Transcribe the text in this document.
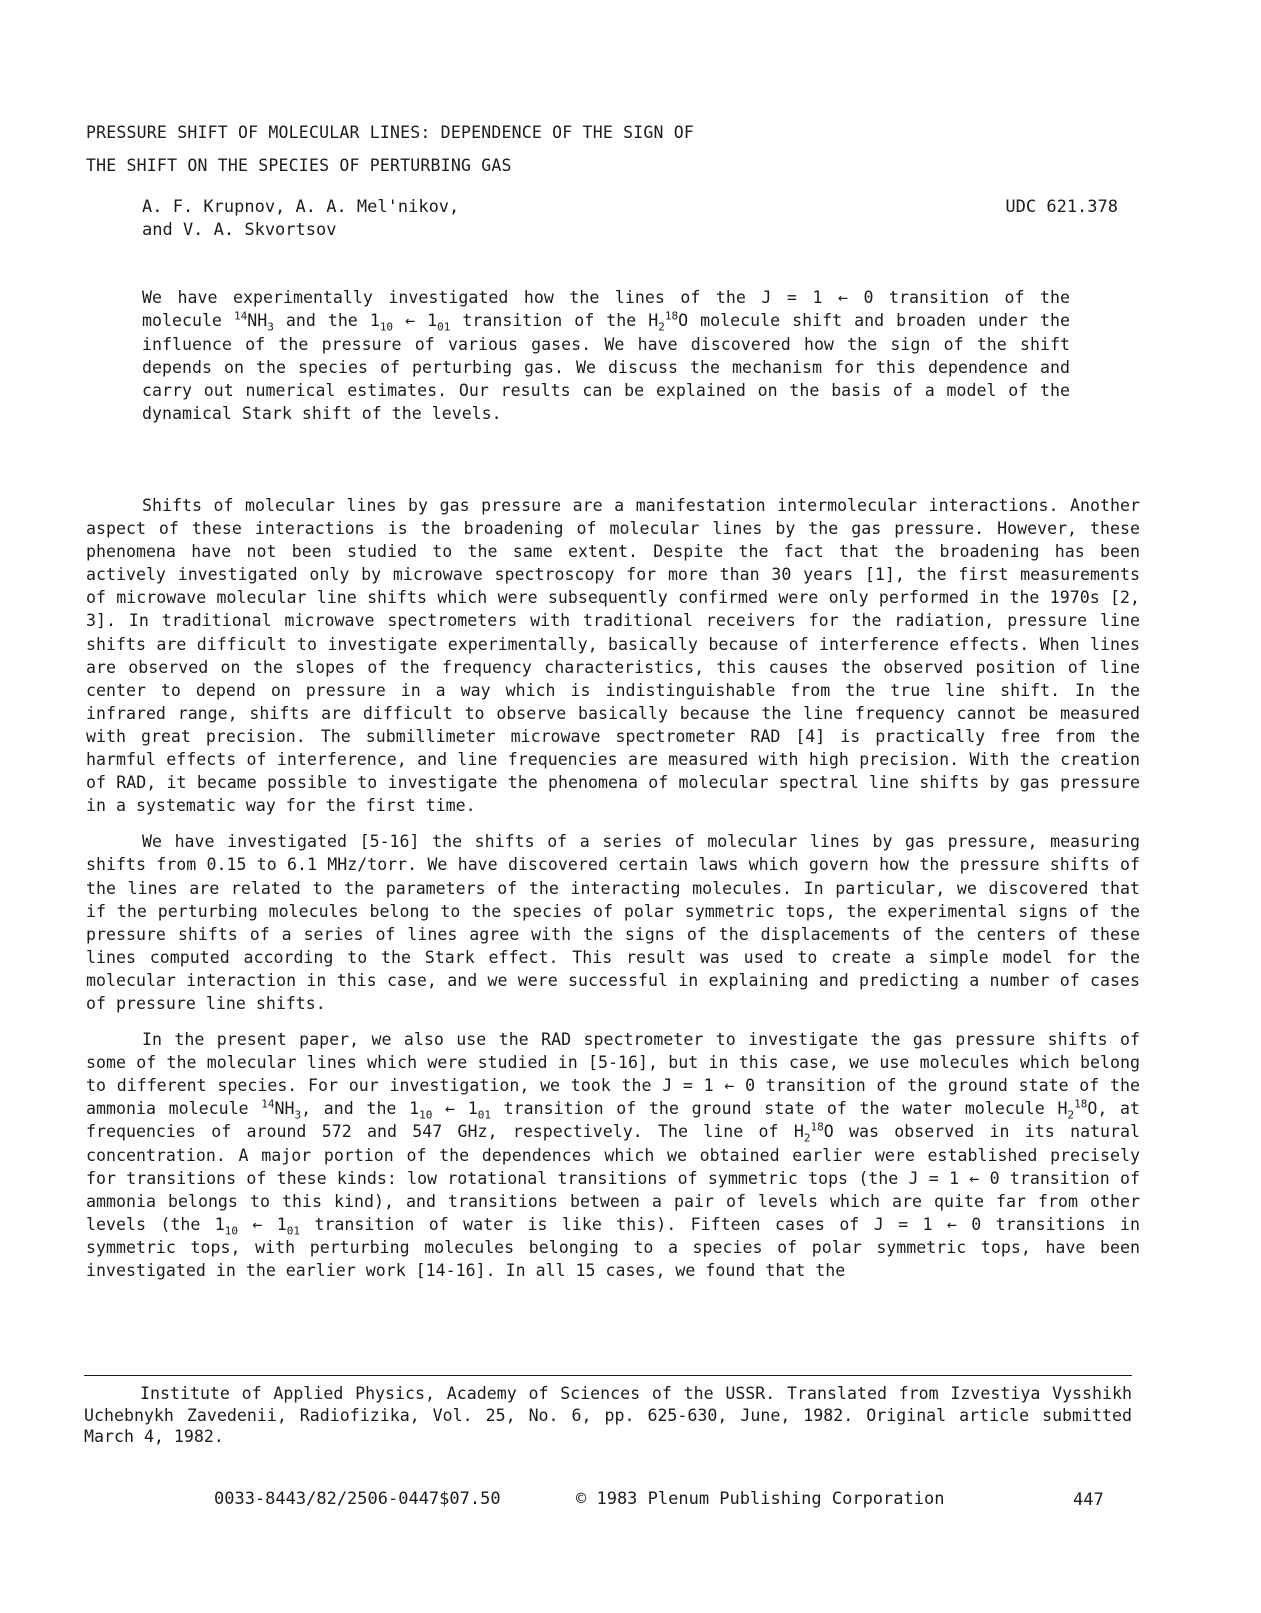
PRESSURE SHIFT OF MOLECULAR LINES: DEPENDENCE OF THE SIGN OF
THE SHIFT ON THE SPECIES OF PERTURBING GAS
A. F. Krupnov, A. A. Mel'nikov,
and V. A. Skvortsov
UDC 621.378
We have experimentally investigated how the lines of the J = 1 ← 0 transition of the molecule $^{14}NH_3$ and the $1_{10}$ ← $1_{01}$ transition of the $H_2^{18}O$ molecule shift and broaden under the influence of the pressure of various gases. We have discovered how the sign of the shift depends on the species of perturbing gas. We discuss the mechanism for this dependence and carry out numerical estimates. Our results can be explained on the basis of a model of the dynamical Stark shift of the levels.

Shifts of molecular lines by gas pressure are a manifestation intermolecular interactions. Another aspect of these interactions is the broadening of molecular lines by the gas pressure. However, these phenomena have not been studied to the same extent. Despite the fact that the broadening has been actively investigated only by microwave spectroscopy for more than 30 years [1], the first measurements of microwave molecular line shifts which were subsequently confirmed were only performed in the 1970s [2, 3]. In traditional microwave spectrometers with traditional receivers for the radiation, pressure line shifts are difficult to investigate experimentally, basically because of interference effects. When lines are observed on the slopes of the frequency characteristics, this causes the observed position of line center to depend on pressure in a way which is indistinguishable from the true line shift. In the infrared range, shifts are difficult to observe basically because the line frequency cannot be measured with great precision. The submillimeter microwave spectrometer RAD [4] is practically free from the harmful effects of interference, and line frequencies are measured with high precision. With the creation of RAD, it became possible to investigate the phenomena of molecular spectral line shifts by gas pressure in a systematic way for the first time.

We have investigated [5-16] the shifts of a series of molecular lines by gas pressure, measuring shifts from 0.15 to 6.1 MHz/torr. We have discovered certain laws which govern how the pressure shifts of the lines are related to the parameters of the interacting molecules. In particular, we discovered that if the perturbing molecules belong to the species of polar symmetric tops, the experimental signs of the pressure shifts of a series of lines agree with the signs of the displacements of the centers of these lines computed according to the Stark effect. This result was used to create a simple model for the molecular interaction in this case, and we were successful in explaining and predicting a number of cases of pressure line shifts.

In the present paper, we also use the RAD spectrometer to investigate the gas pressure shifts of some of the molecular lines which were studied in [5-16], but in this case, we use molecules which belong to different species. For our investigation, we took the J = 1 ← 0 transition of the ground state of the ammonia molecule $^{14}NH_3$, and the $1_{10}$ ← $1_{01}$ transition of the ground state of the water molecule $H_2^{18}O$, at frequencies of around 572 and 547 GHz, respectively. The line of $H_2^{18}O$ was observed in its natural concentration. A major portion of the dependences which we obtained earlier were established precisely for transitions of these kinds: low rotational transitions of symmetric tops (the J = 1 ← 0 transition of ammonia belongs to this kind), and transitions between a pair of levels which are quite far from other levels (the $1_{10}$ ← $1_{01}$ transition of water is like this). Fifteen cases of J = 1 ← 0 transitions in symmetric tops, with perturbing molecules belonging to a species of polar symmetric tops, have been investigated in the earlier work [14-16]. In all 15 cases, we found that the

Institute of Applied Physics, Academy of Sciences of the USSR. Translated from Izvestiya Vysshikh Uchebnykh Zavedenii, Radiofizika, Vol. 25, No. 6, pp. 625-630, June, 1982. Original article submitted March 4, 1982.
0033-8443/82/2506-0447$07.50	© 1983 Plenum Publishing Corporation	447
